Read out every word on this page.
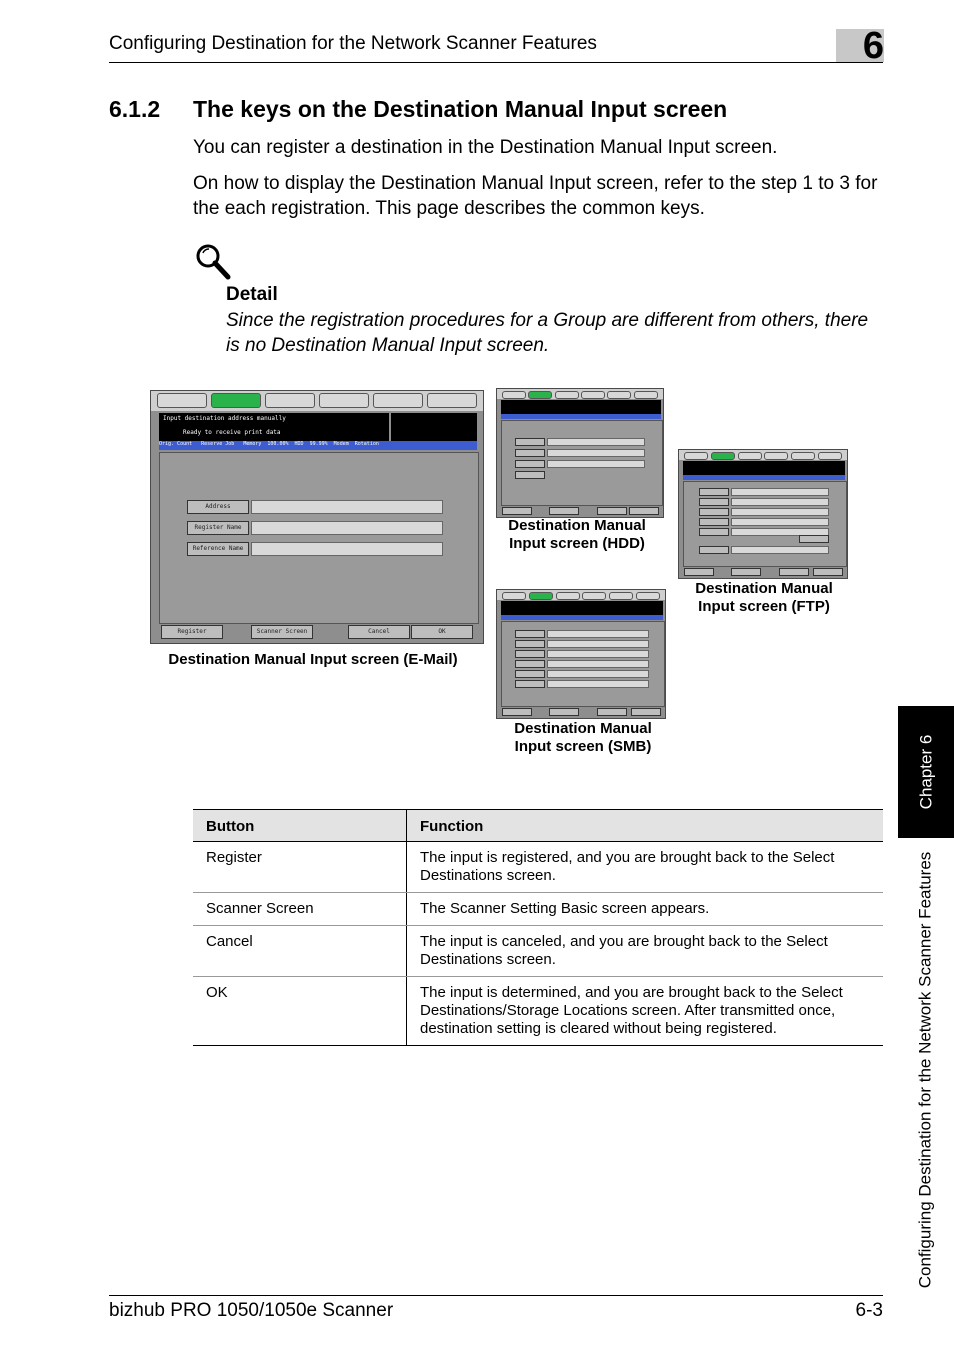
Configuring Destination for the Network Scanner Features	6
6.1.2 The keys on the Destination Manual Input screen
You can register a destination in the Destination Manual Input screen.
On how to display the Destination Manual Input screen, refer to the step 1 to 3 for the each registration. This page describes the common keys.
Detail
Since the registration procedures for a Group are different from others, there is no Destination Manual Input screen.
Input destination address manually
Ready to receive print data
Orig. Count Reserve Job Memory 100.00% HDD 99.99% Modem Rotation
Address
Register Name
Reference Name
Register	Scanner Screen	Cancel	OK
Destination Manual Input screen (E-Mail)
Destination Manual
Input screen (HDD)
Destination Manual
Input screen (FTP)
Destination Manual
Input screen (SMB)
Button	Function
Register	The input is registered, and you are brought back to the Select Destinations screen.
Scanner Screen	The Scanner Setting Basic screen appears.
Cancel	The input is canceled, and you are brought back to the Select Destinations screen.
OK	The input is determined, and you are brought back to the Select Destinations/Storage Locations screen. After transmitted once, destination setting is cleared without being registered.
Chapter 6
Configuring Destination for the Network Scanner Features
bizhub PRO 1050/1050e Scanner	6-3
